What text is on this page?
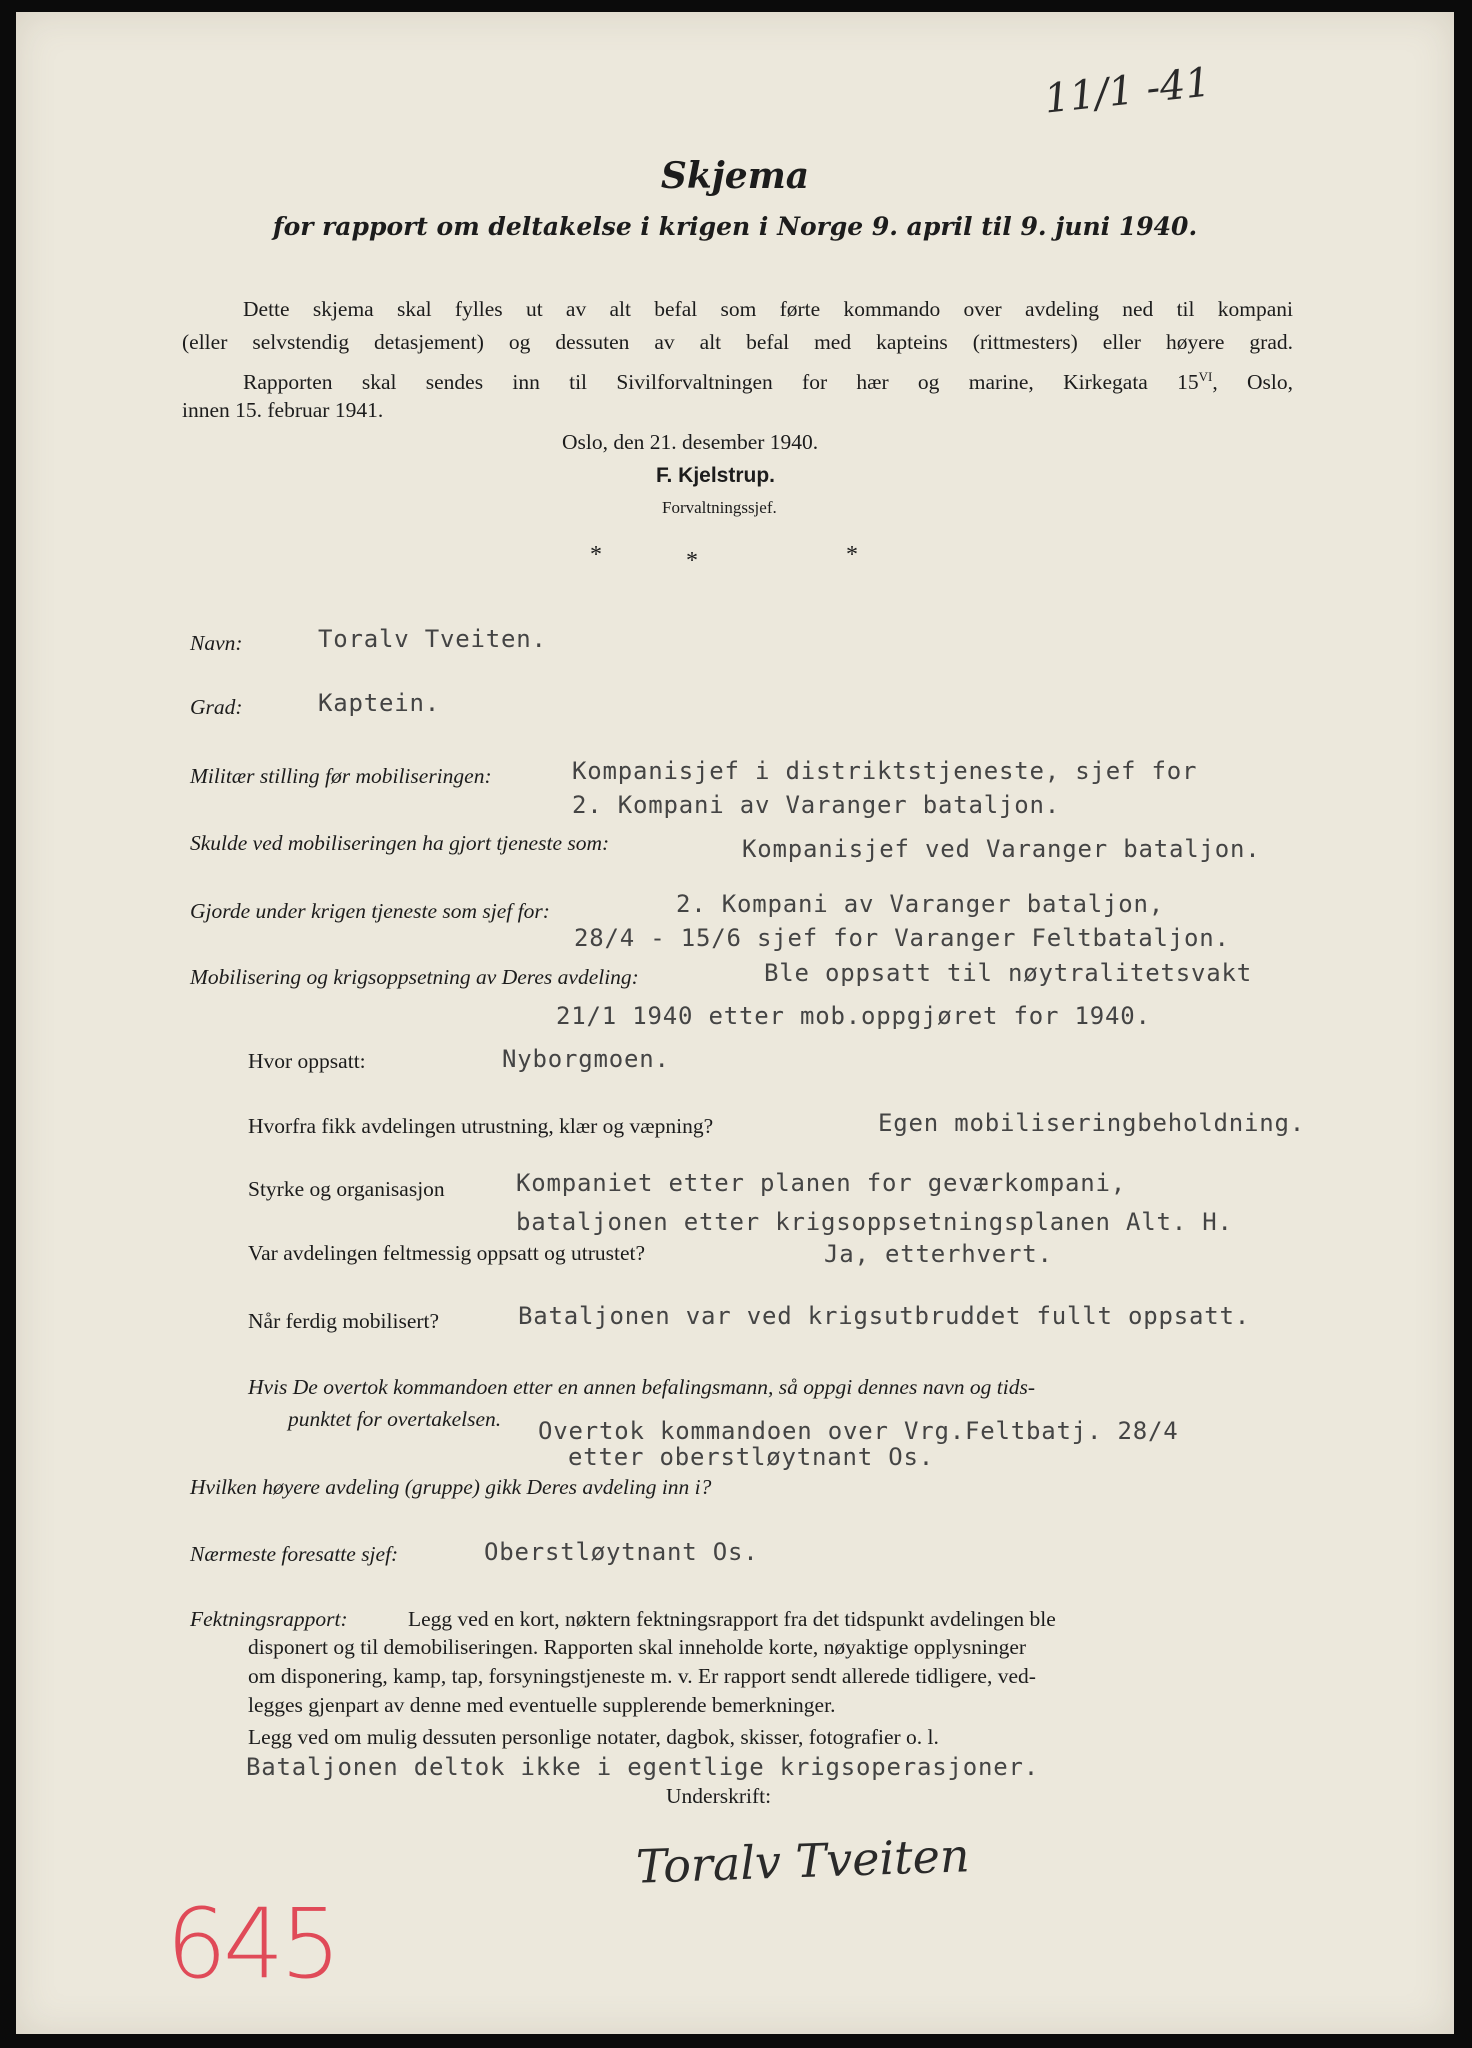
11/1 -41
Skjema
for rapport om deltakelse i krigen i Norge 9. april til 9. juni 1940.
Dette skjema skal fylles ut av alt befal som førte kommando over avdeling ned til kompani
(eller selvstendig detasjement) og dessuten av alt befal med kapteins (rittmesters) eller høyere grad.
Rapporten skal sendes inn til Sivilforvaltningen for hær og marine, Kirkegata $15^{VI}$, Oslo,
innen 15. februar 1941.
Oslo, den 21. desember 1940.
F. Kjelstrup.
Forvaltningssjef.
*	*	*
Navn:	Toralv Tveiten.
Grad:	Kaptein.
Militær stilling før mobiliseringen:	Kompanisjef i distriktstjeneste, sjef for
2. Kompani av Varanger bataljon.
Skulde ved mobiliseringen ha gjort tjeneste som:	Kompanisjef ved Varanger bataljon.
Gjorde under krigen tjeneste som sjef for:	2. Kompani av Varanger bataljon,
28/4 - 15/6 sjef for Varanger Feltbataljon.
Mobilisering og krigsoppsetning av Deres avdeling:	Ble oppsatt til nøytralitetsvakt
21/1 1940 etter mob.oppgjøret for 1940.
Hvor oppsatt:	Nyborgmoen.
Hvorfra fikk avdelingen utrustning, klær og væpning?	Egen mobiliseringbeholdning.
Styrke og organisasjon	Kompaniet etter planen for geværkompani,
bataljonen etter krigsoppsetningsplanen Alt. H.
Var avdelingen feltmessig oppsatt og utrustet?	Ja, etterhvert.
Når ferdig mobilisert?	Bataljonen var ved krigsutbruddet fullt oppsatt.
Hvis De overtok kommandoen etter en annen befalingsmann, så oppgi dennes navn og tids-
punktet for overtakelsen. Overtok kommandoen over Vrg.Feltbatj. 28/4
etter oberstløytnant Os.
Hvilken høyere avdeling (gruppe) gikk Deres avdeling inn i?
Nærmeste foresatte sjef:	Oberstløytnant Os.
Fektningsrapport:	Legg ved en kort, nøktern fektningsrapport fra det tidspunkt avdelingen ble
disponert og til demobiliseringen. Rapporten skal inneholde korte, nøyaktige opplysninger
om disponering, kamp, tap, forsyningstjeneste m. v. Er rapport sendt allerede tidligere, ved-
legges gjenpart av denne med eventuelle supplerende bemerkninger.
Legg ved om mulig dessuten personlige notater, dagbok, skisser, fotografier o. l.
Bataljonen deltok ikke i egentlige krigsoperasjoner.
Underskrift:
Toralv Tveiten
645
